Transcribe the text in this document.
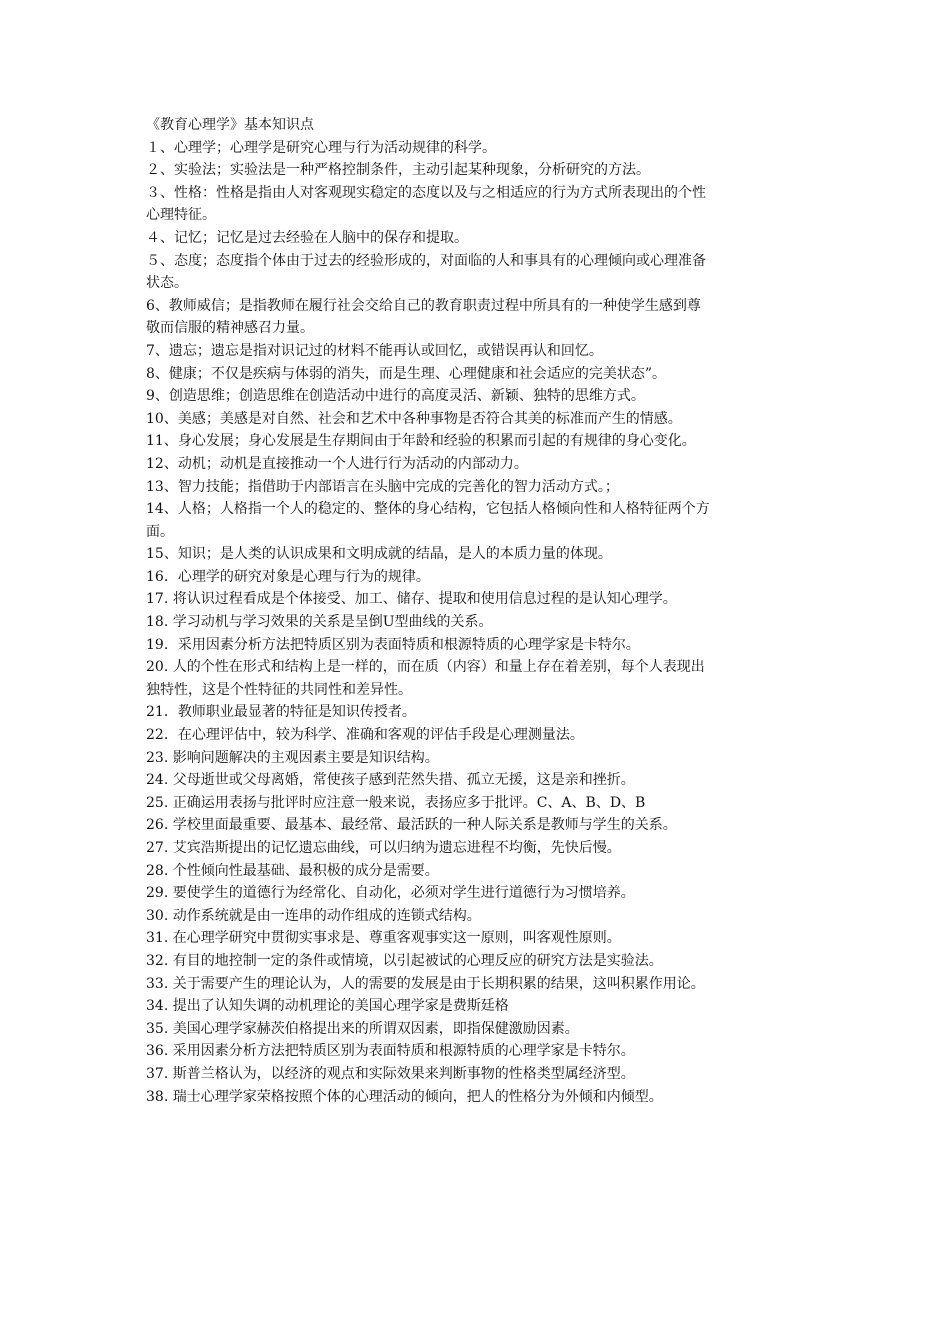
《教育心理学》基本知识点
１、心理学；心理学是研究心理与行为活动规律的科学。
２、实验法；实验法是一种严格控制条件，主动引起某种现象，分析研究的方法。
３、性格：性格是指由人对客观现实稳定的态度以及与之相适应的行为方式所表现出的个性
心理特征。
４、记忆；记忆是过去经验在人脑中的保存和提取。
５、态度；态度指个体由于过去的经验形成的，对面临的人和事具有的心理倾向或心理准备
状态。
6、教师威信；是指教师在履行社会交给自己的教育职责过程中所具有的一种使学生感到尊
敬而信服的精神感召力量。
7、遗忘；遗忘是指对识记过的材料不能再认或回忆，或错误再认和回忆。
8、健康；不仅是疾病与体弱的消失，而是生理、心理健康和社会适应的完美状态”。
9、创造思维；创造思维在创造活动中进行的高度灵活、新颖、独特的思维方式。
10、美感；美感是对自然、社会和艺术中各种事物是否符合其美的标准而产生的情感。
11、身心发展；身心发展是生存期间由于年龄和经验的积累而引起的有规律的身心变化。
12、动机；动机是直接推动一个人进行行为活动的内部动力。
13、智力技能；指借助于内部语言在头脑中完成的完善化的智力活动方式。；
14、人格；人格指一个人的稳定的、整体的身心结构，它包括人格倾向性和人格特征两个方
面。
15、知识；是人类的认识成果和文明成就的结晶，是人的本质力量的体现。
16．心理学的研究对象是心理与行为的规律。
17. 将认识过程看成是个体接受、加工、储存、提取和使用信息过程的是认知心理学。
18. 学习动机与学习效果的关系是呈倒U型曲线的关系。
19．采用因素分析方法把特质区别为表面特质和根源特质的心理学家是卡特尔。
20. 人的个性在形式和结构上是一样的，而在质（内容）和量上存在着差别，每个人表现出
独特性，这是个性特征的共同性和差异性。
21．教师职业最显著的特征是知识传授者。
22．在心理评估中，较为科学、准确和客观的评估手段是心理测量法。
23. 影响问题解决的主观因素主要是知识结构。
24. 父母逝世或父母离婚，常使孩子感到茫然失措、孤立无援，这是亲和挫折。
25. 正确运用表扬与批评时应注意一般来说，表扬应多于批评。C、A、B、D、B
26. 学校里面最重要、最基本、最经常、最活跃的一种人际关系是教师与学生的关系。
27. 艾宾浩斯提出的记忆遗忘曲线，可以归纳为遗忘进程不均衡，先快后慢。
28. 个性倾向性最基础、最积极的成分是需要。
29. 要使学生的道德行为经常化、自动化，必须对学生进行道德行为习惯培养。
30. 动作系统就是由一连串的动作组成的连锁式结构。
31. 在心理学研究中贯彻实事求是、尊重客观事实这一原则，叫客观性原则。
32. 有目的地控制一定的条件或情境，以引起被试的心理反应的研究方法是实验法。
33. 关于需要产生的理论认为，人的需要的发展是由于长期积累的结果，这叫积累作用论。
34. 提出了认知失调的动机理论的美国心理学家是费斯廷格
35. 美国心理学家赫茨伯格提出来的所谓双因素，即指保健激励因素。
36. 采用因素分析方法把特质区别为表面特质和根源特质的心理学家是卡特尔。
37. 斯普兰格认为，以经济的观点和实际效果来判断事物的性格类型属经济型。
38. 瑞士心理学家荣格按照个体的心理活动的倾向，把人的性格分为外倾和内倾型。
